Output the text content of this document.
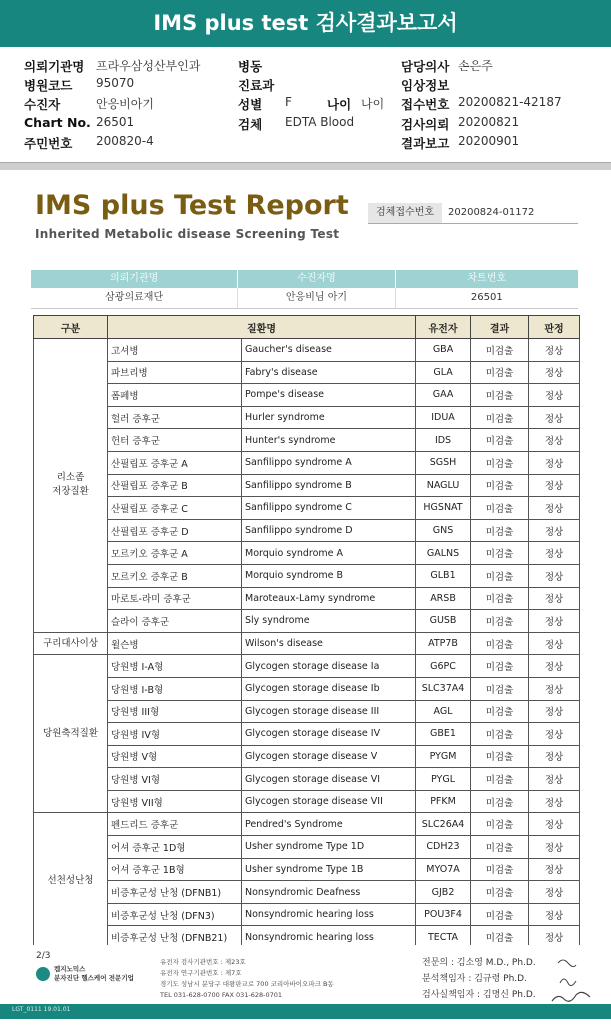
IMS plus test 검사결과보고서
의뢰기관명 프라우삼성산부인과
병원코드 95070
수진자	안응비아기
Chart No. 26501
주민번호 200820-4
병동
진료과
성별 F	나이 나이
검체 EDTA Blood
담당의사 손은주
임상정보
접수번호 20200821-42187
검사의뢰 20200821
결과보고 20200901
IMS plus Test Report
Inherited Metabolic disease Screening Test
검체접수번호	20200824-01172
의뢰기관명	수진자명	차트번호
삼광의료재단	안응비님 아기	26501
구분	질환명		유전자	결과	판정
리소좀
저장질환	고셔병	Gaucher's disease	GBA	미검출	정상
	파브리병	Fabry's disease	GLA	미검출	정상
	폼페병	Pompe's disease	GAA	미검출	정상
	헐러 증후군	Hurler syndrome	IDUA	미검출	정상
	헌터 증후군	Hunter's syndrome	IDS	미검출	정상
	산필립포 증후군 A	Sanfilippo syndrome A	SGSH	미검출	정상
	산필립포 증후군 B	Sanfilippo syndrome B	NAGLU	미검출	정상
	산필립포 증후군 C	Sanfilippo syndrome C	HGSNAT	미검출	정상
	산필립포 증후군 D	Sanfilippo syndrome D	GNS	미검출	정상
	모르키오 증후군 A	Morquio syndrome A	GALNS	미검출	정상
	모르키오 증후군 B	Morquio syndrome B	GLB1	미검출	정상
	마로토-라미 증후군	Maroteaux-Lamy syndrome	ARSB	미검출	정상
	슬라이 증후군	Sly syndrome	GUSB	미검출	정상
구리대사이상	윌슨병	Wilson's disease	ATP7B	미검출	정상
당원축적질환	당원병 I-A형	Glycogen storage disease Ia	G6PC	미검출	정상
	당원병 I-B형	Glycogen storage disease Ib	SLC37A4	미검출	정상
	당원병 III형	Glycogen storage disease III	AGL	미검출	정상
	당원병 IV형	Glycogen storage disease IV	GBE1	미검출	정상
	당원병 V형	Glycogen storage disease V	PYGM	미검출	정상
	당원병 VI형	Glycogen storage disease VI	PYGL	미검출	정상
	당원병 VII형	Glycogen storage disease VII	PFKM	미검출	정상
선천성난청	펜드리드 증후군	Pendred's Syndrome	SLC26A4	미검출	정상
	어셔 증후군 1D형	Usher syndrome Type 1D	CDH23	미검출	정상
	어셔 증후군 1B형	Usher syndrome Type 1B	MYO7A	미검출	정상
	비증후군성 난청 (DFNB1)	Nonsyndromic Deafness	GJB2	미검출	정상
	비증후군성 난청 (DFN3)	Nonsyndromic hearing loss	POU3F4	미검출	정상
	비증후군성 난청 (DFNB21)	Nonsyndromic hearing loss	TECTA	미검출	정상
2/3
켐지노믹스
분자진단 헬스케어 전문기업
유전자 검사기관번호 : 제23호
유전자 연구기관번호 : 제7호
경기도 성남시 분당구 대왕판교로 700 코리아바이오파크 B동
TEL 031-628-0700 FAX 031-628-0701
전문의 : 김소영 M.D., Ph.D.
분석책임자 : 김규령 Ph.D.
검사실책임자 : 김명신 Ph.D.
LGT_0111 19.01.01
